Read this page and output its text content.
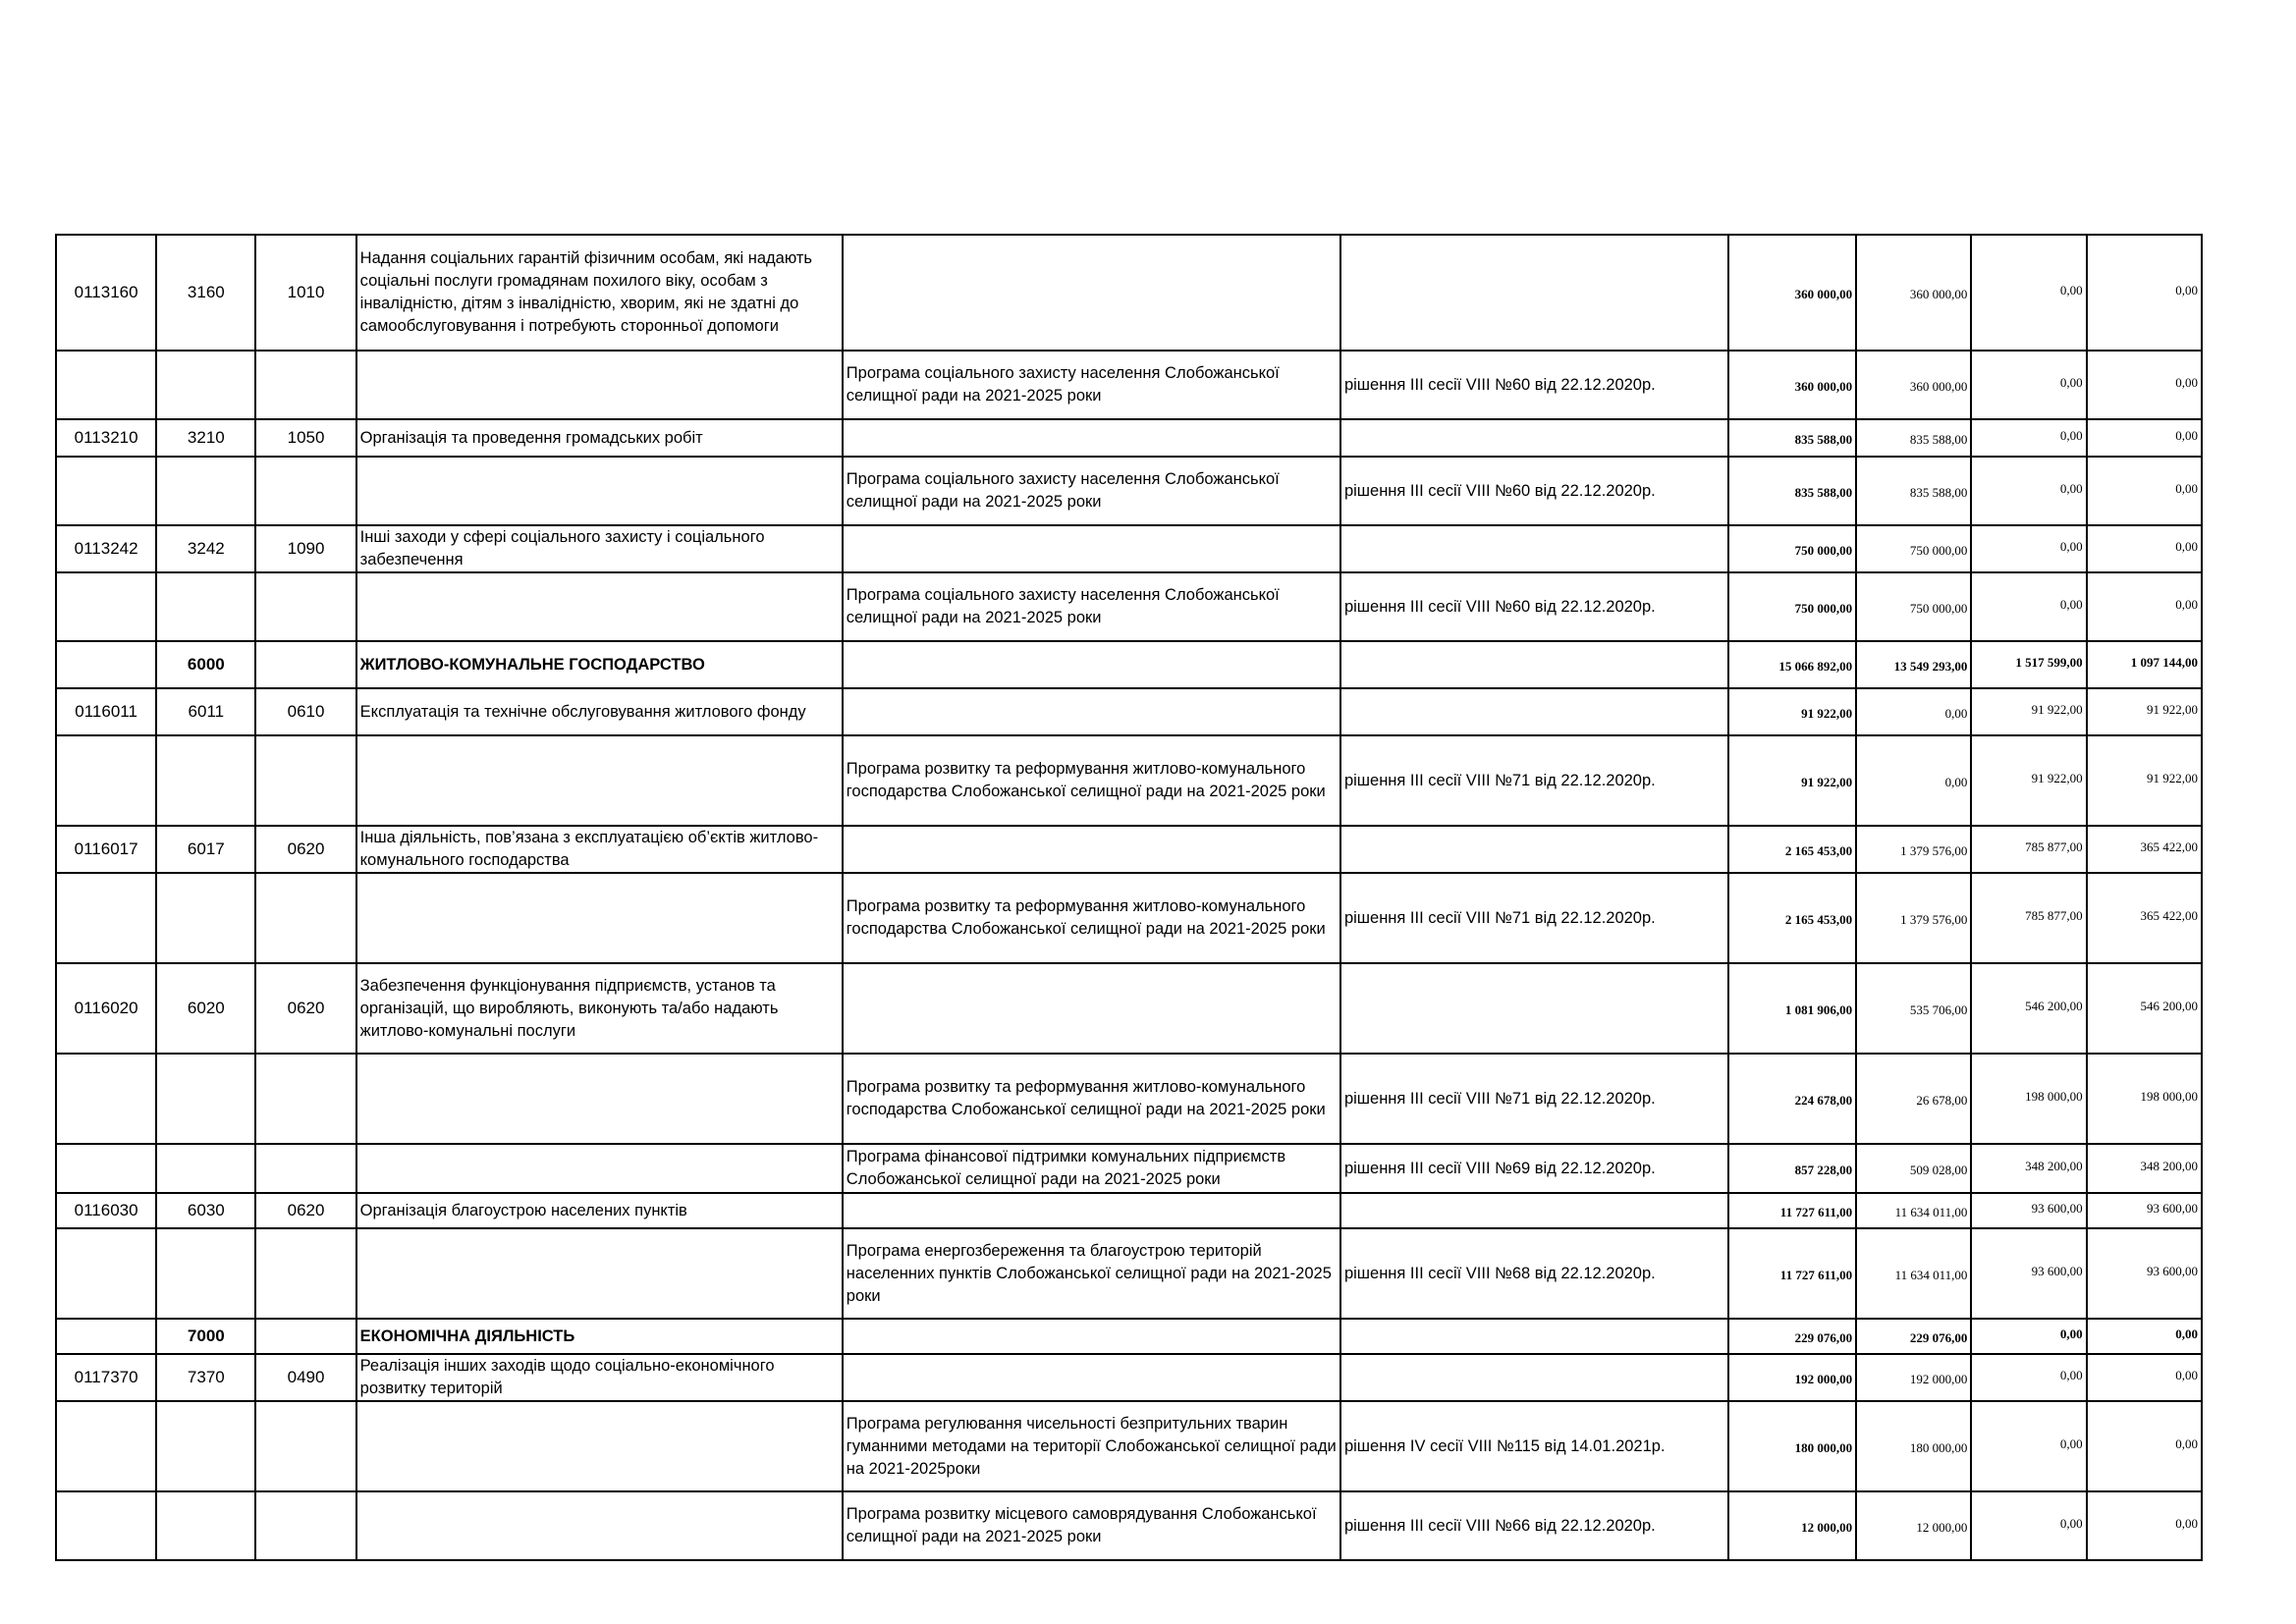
0113160	3160	1010	Надання соціальних гарантій фізичним особам, які надають соціальні послуги громадянам похилого віку, особам з інвалідністю, дітям з інвалідністю, хворим, які не здатні до самообслуговування і потребують сторонньої допомоги			360 000,00	360 000,00	0,00	0,00
				Програма соціального захисту населення Слобожанської селищної ради на 2021-2025 роки	рішення ІІІ сесії VІІІ №60 від 22.12.2020р.	360 000,00	360 000,00	0,00	0,00
0113210	3210	1050	Організація та проведення громадських робіт			835 588,00	835 588,00	0,00	0,00
				Програма соціального захисту населення Слобожанської селищної ради на 2021-2025 роки	рішення ІІІ сесії VІІІ №60 від 22.12.2020р.	835 588,00	835 588,00	0,00	0,00
0113242	3242	1090	Інші заходи у сфері соціального захисту і соціального забезпечення			750 000,00	750 000,00	0,00	0,00
				Програма соціального захисту населення Слобожанської селищної ради на 2021-2025 роки	рішення ІІІ сесії VІІІ №60 від 22.12.2020р.	750 000,00	750 000,00	0,00	0,00
	6000		ЖИТЛОВО-КОМУНАЛЬНЕ ГОСПОДАРСТВО			15 066 892,00	13 549 293,00	1 517 599,00	1 097 144,00
0116011	6011	0610	Експлуатація та технічне обслуговування житлового фонду			91 922,00	0,00	91 922,00	91 922,00
				Програма розвитку та реформування житлово-комунального господарства Слобожанської селищної ради на 2021-2025 роки	рішення ІІІ сесії VІІІ №71 від 22.12.2020р.	91 922,00	0,00	91 922,00	91 922,00
0116017	6017	0620	Інша діяльність, пов’язана з експлуатацією об’єктів житлово-комунального господарства			2 165 453,00	1 379 576,00	785 877,00	365 422,00
				Програма розвитку та реформування житлово-комунального господарства Слобожанської селищної ради на 2021-2025 роки	рішення ІІІ сесії VІІІ №71 від 22.12.2020р.	2 165 453,00	1 379 576,00	785 877,00	365 422,00
0116020	6020	0620	Забезпечення функціонування підприємств, установ та організацій, що виробляють, виконують та/або надають житлово-комунальні послуги			1 081 906,00	535 706,00	546 200,00	546 200,00
				Програма розвитку та реформування житлово-комунального господарства Слобожанської селищної ради на 2021-2025 роки	рішення ІІІ сесії VІІІ №71 від 22.12.2020р.	224 678,00	26 678,00	198 000,00	198 000,00
				Програма фінансової підтримки комунальних підприємств Слобожанської селищної ради на 2021-2025 роки	рішення ІІІ сесії VІІІ №69 від 22.12.2020р.	857 228,00	509 028,00	348 200,00	348 200,00
0116030	6030	0620	Організація благоустрою населених пунктів			11 727 611,00	11 634 011,00	93 600,00	93 600,00
				Програма енергозбереження та благоустрою територій населенних пунктів Слобожанської селищної ради на 2021-2025 роки	рішення ІІІ сесії VІІІ №68 від 22.12.2020р.	11 727 611,00	11 634 011,00	93 600,00	93 600,00
	7000		ЕКОНОМІЧНА ДІЯЛЬНІСТЬ			229 076,00	229 076,00	0,00	0,00
0117370	7370	0490	Реалізація інших заходів щодо соціально-економічного розвитку територій			192 000,00	192 000,00	0,00	0,00
				Програма регулювання чисельності безпритульних тварин гуманними методами на території Слобожанської селищної ради на 2021-2025роки	рішення ІV сесії VІІІ №115 від 14.01.2021р.	180 000,00	180 000,00	0,00	0,00
				Програма розвитку місцевого самоврядування Слобожанської селищної ради на 2021-2025 роки	рішення ІІІ сесії VІІІ №66 від 22.12.2020р.	12 000,00	12 000,00	0,00	0,00
